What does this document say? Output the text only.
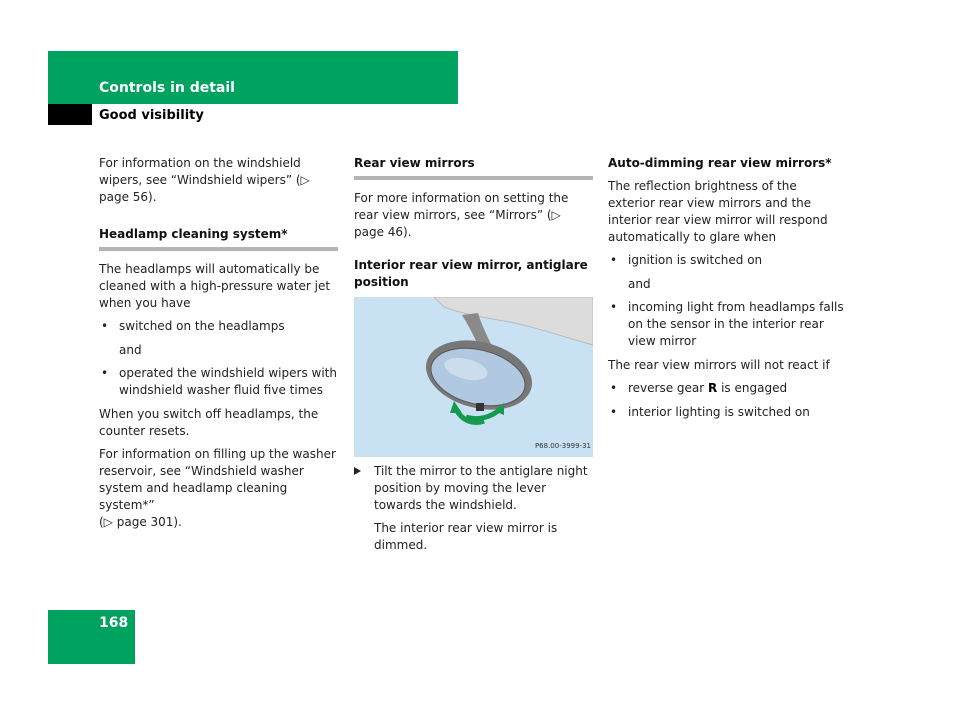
Controls in detail
Good visibility

For information on the windshield wipers, see “Windshield wipers” (▷ page 56).

Headlamp cleaning system*

The headlamps will automatically be cleaned with a high-pressure water jet when you have

• switched on the headlamps

and

• operated the windshield wipers with windshield washer fluid five times

When you switch off headlamps, the counter resets.

For information on filling up the washer reservoir, see “Windshield washer system and headlamp cleaning system*”
(▷ page 301).

Rear view mirrors

For more information on setting the rear view mirrors, see “Mirrors” (▷ page 46).

Interior rear view mirror, antiglare position

P68.00-3999-31

Tilt the mirror to the antiglare night position by moving the lever towards the windshield.

The interior rear view mirror is dimmed.

Auto-dimming rear view mirrors*

The reflection brightness of the exterior rear view mirrors and the interior rear view mirror will respond automatically to glare when

• ignition is switched on

and

• incoming light from headlamps falls on the sensor in the interior rear view mirror

The rear view mirrors will not react if

• reverse gear R is engaged
• interior lighting is switched on
168
